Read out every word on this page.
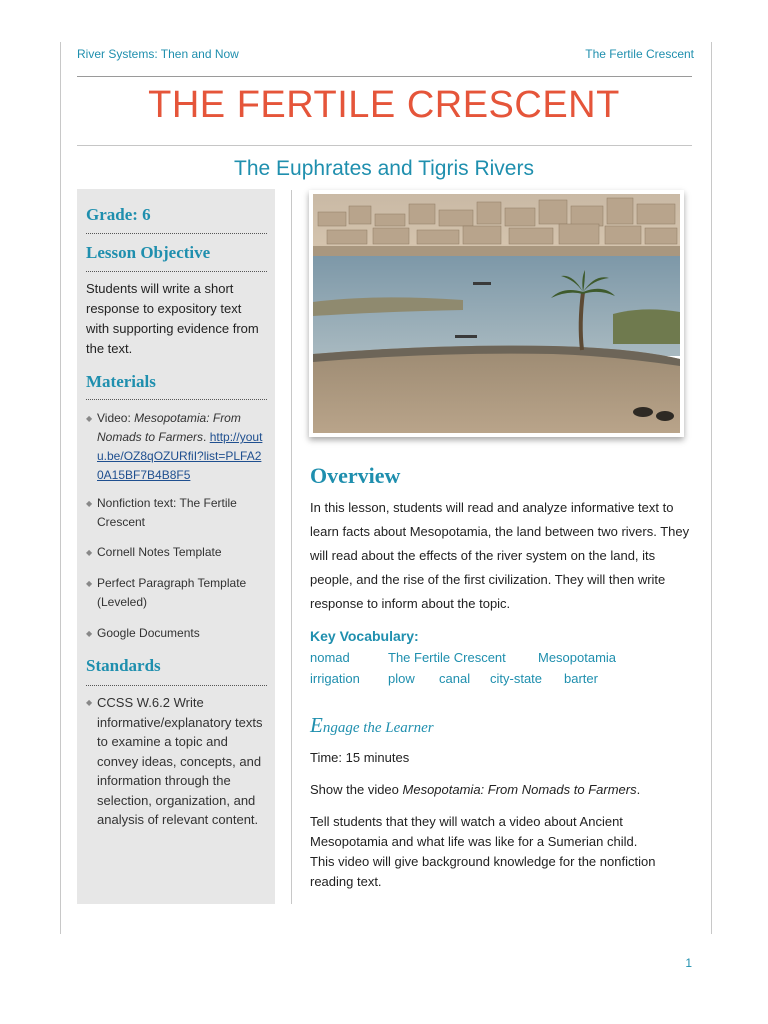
River Systems: Then and Now	The Fertile Crescent
THE FERTILE CRESCENT
The Euphrates and Tigris Rivers
Grade: 6
Lesson Objective
Students will write a short response to expository text with supporting evidence from the text.
Materials
◆ Video: Mesopotamia: From Nomads to Farmers. http://youtu.be/OZ8qOZURfiI?list=PLFA20A15BF7B4B8F5
◆ Nonfiction text: The Fertile Crescent
◆ Cornell Notes Template
◆ Perfect Paragraph Template (Leveled)
◆ Google Documents
Standards
◆ CCSS W.6.2 Write informative/explanatory texts to examine a topic and convey ideas, concepts, and information through the selection, organization, and analysis of relevant content.
Overview
In this lesson, students will read and analyze informative text to learn facts about Mesopotamia, the land between two rivers. They will read about the effects of the river system on the land, its people, and the rise of the first civilization. They will then write response to inform about the topic.
Key Vocabulary:
nomad	The Fertile Crescent Mesopotamia
irrigation plow canal city-state barter
Engage the Learner
Time: 15 minutes
Show the video Mesopotamia: From Nomads to Farmers.
Tell students that they will watch a video about Ancient Mesopotamia and what life was like for a Sumerian child. This video will give background knowledge for the nonfiction reading text.
1
